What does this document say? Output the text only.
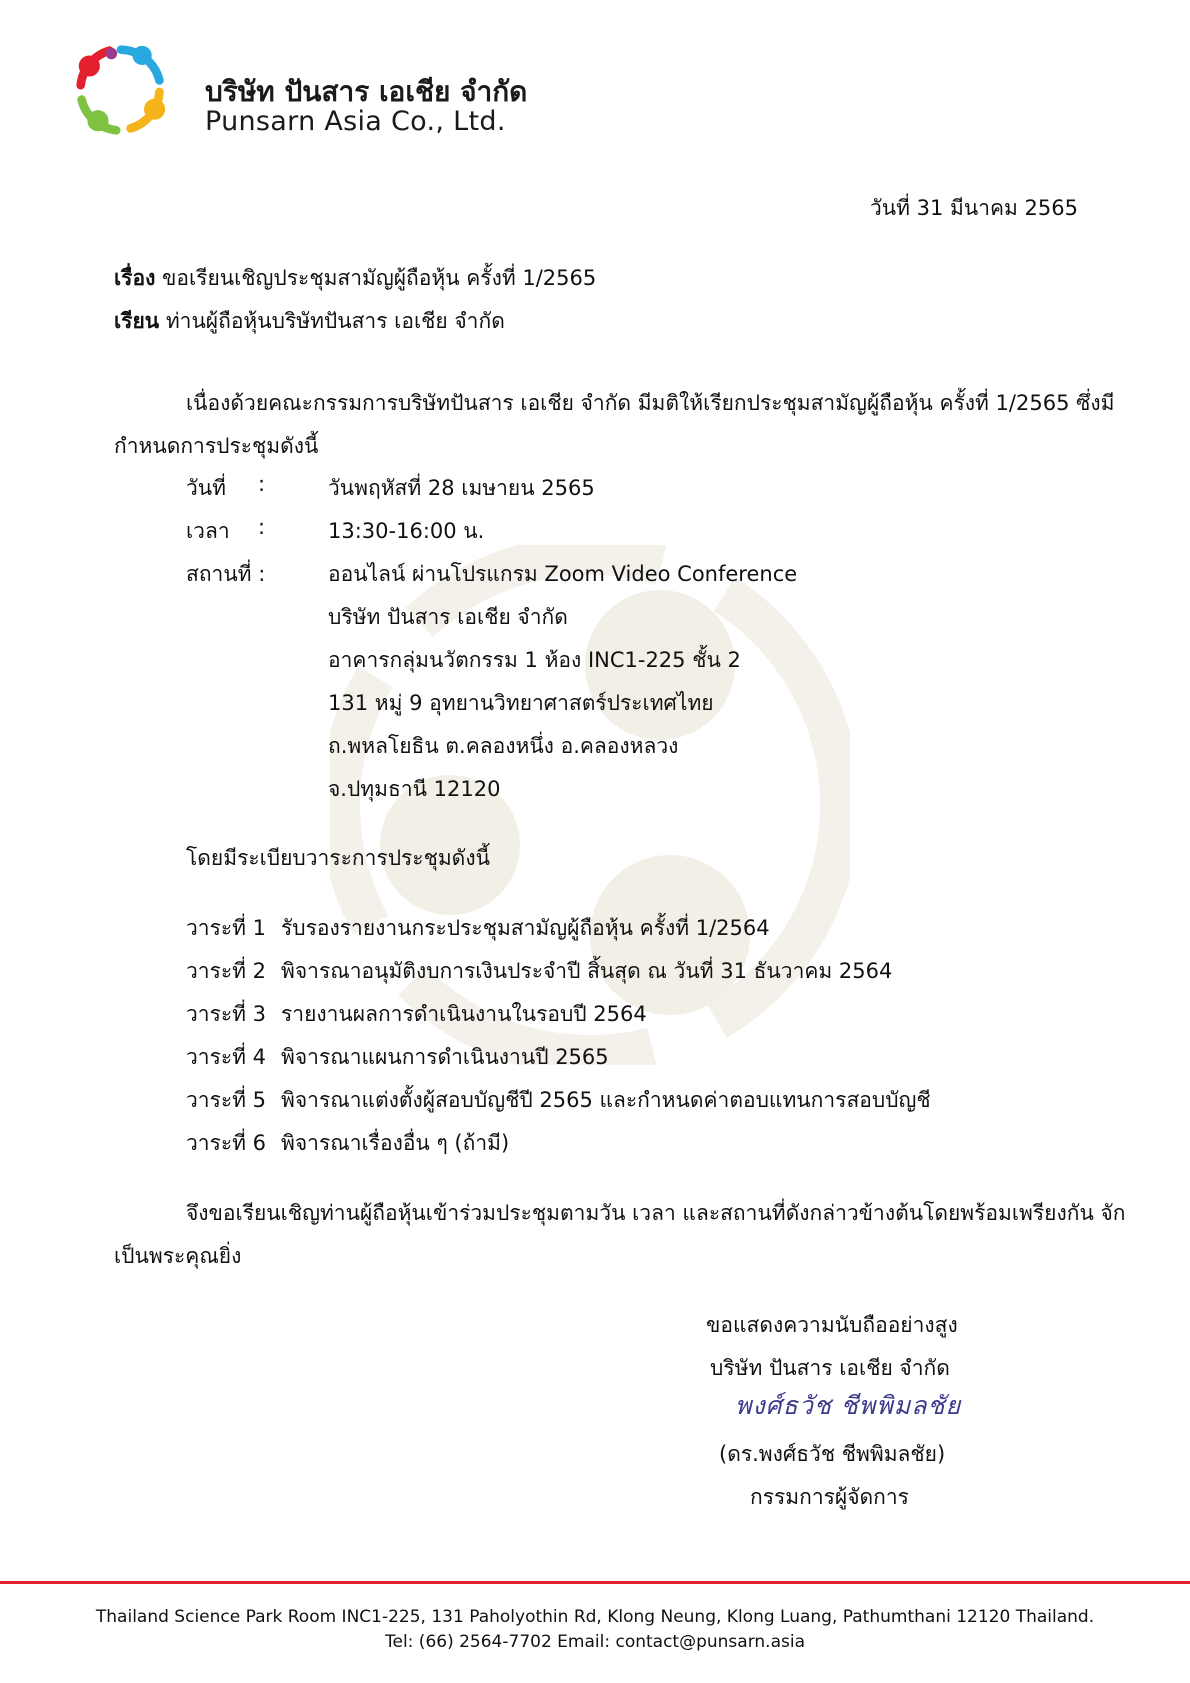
บริษัท ปันสาร เอเชีย จำกัด
Punsarn Asia Co., Ltd.
วันที่ 31 มีนาคม 2565
เรื่อง ขอเรียนเชิญประชุมสามัญผู้ถือหุ้น ครั้งที่ 1/2565
เรียน ท่านผู้ถือหุ้นบริษัทปันสาร เอเชีย จำกัด
เนื่องด้วยคณะกรรมการบริษัทปันสาร เอเชีย จำกัด มีมติให้เรียกประชุมสามัญผู้ถือหุ้น ครั้งที่ 1/2565 ซึ่งมี
กำหนดการประชุมดังนี้
วันที่	:	วันพฤหัสที่ 28 เมษายน 2565
เวลา	:	13:30-16:00 น.
สถานที่ :	ออนไลน์ ผ่านโปรแกรม Zoom Video Conference
บริษัท ปันสาร เอเชีย จำกัด
อาคารกลุ่มนวัตกรรม 1 ห้อง INC1-225 ชั้น 2
131 หมู่ 9 อุทยานวิทยาศาสตร์ประเทศไทย
ถ.พหลโยธิน ต.คลองหนึ่ง อ.คลองหลวง
จ.ปทุมธานี 12120
โดยมีระเบียบวาระการประชุมดังนี้
วาระที่ 1 รับรองรายงานกระประชุมสามัญผู้ถือหุ้น ครั้งที่ 1/2564
วาระที่ 2 พิจารณาอนุมัติงบการเงินประจำปี สิ้นสุด ณ วันที่ 31 ธันวาคม 2564
วาระที่ 3 รายงานผลการดำเนินงานในรอบปี 2564
วาระที่ 4 พิจารณาแผนการดำเนินงานปี 2565
วาระที่ 5 พิจารณาแต่งตั้งผู้สอบบัญชีปี 2565 และกำหนดค่าตอบแทนการสอบบัญชี
วาระที่ 6 พิจารณาเรื่องอื่น ๆ (ถ้ามี)
จึงขอเรียนเชิญท่านผู้ถือหุ้นเข้าร่วมประชุมตามวัน เวลา และสถานที่ดังกล่าวข้างต้นโดยพร้อมเพรียงกัน จัก
เป็นพระคุณยิ่ง
ขอแสดงความนับถืออย่างสูง
บริษัท ปันสาร เอเชีย จำกัด
พงศ์ธวัช ชีพพิมลชัย
(ดร.พงศ์ธวัช ชีพพิมลชัย)
กรรมการผู้จัดการ
Thailand Science Park Room INC1-225, 131 Paholyothin Rd, Klong Neung, Klong Luang, Pathumthani 12120 Thailand.
Tel: (66) 2564-7702 Email: contact@punsarn.asia
